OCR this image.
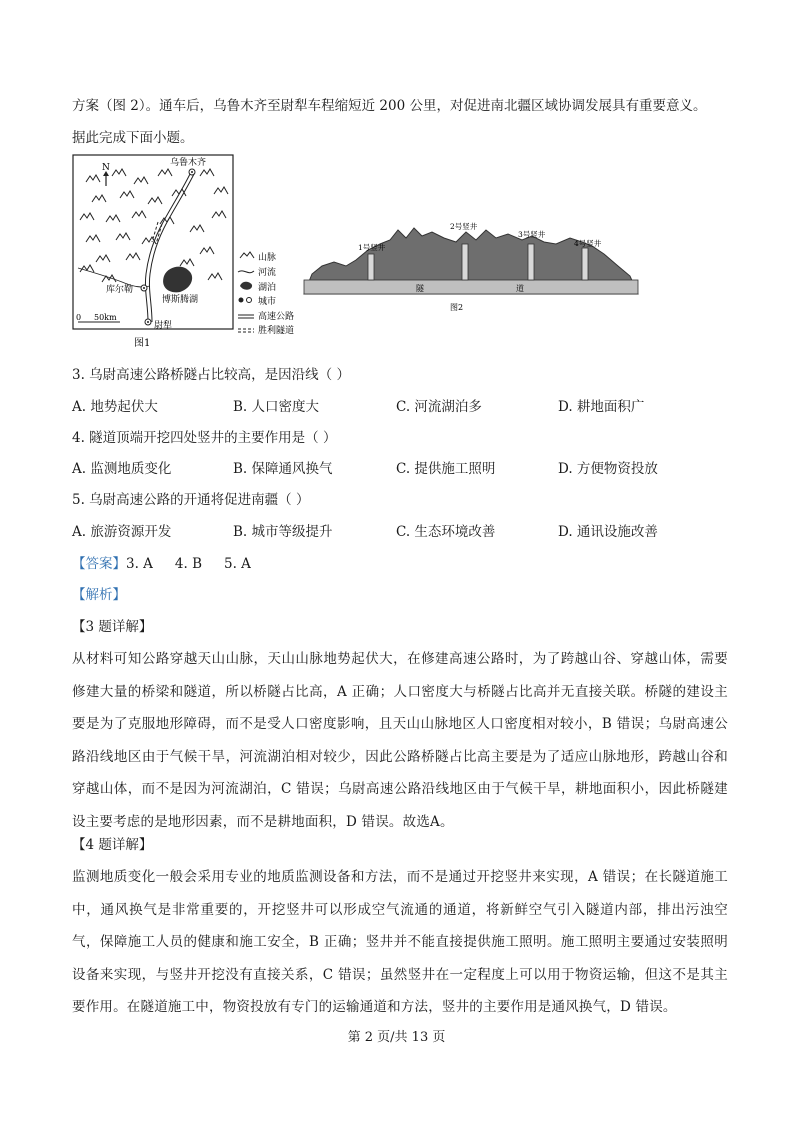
方案（图 2）。通车后，乌鲁木齐至尉犁车程缩短近 200 公里，对促进南北疆区域协调发展具有重要意义。
据此完成下面小题。
N	乌鲁木齐
库尔勒
博斯腾湖
尉犁
0 50km
图1
山脉
河流
湖泊
城市
高速公路
胜利隧道
1号竖井
2号竖井
3号竖井
4号竖井
隧	道
图2
3. 乌尉高速公路桥隧占比较高，是因沿线（ ）
A. 地势起伏大	B. 人口密度大	C. 河流湖泊多	D. 耕地面积广
4. 隧道顶端开挖四处竖井的主要作用是（ ）
A. 监测地质变化	B. 保障通风换气	C. 提供施工照明	D. 方便物资投放
5. 乌尉高速公路的开通将促进南疆（ ）
A. 旅游资源开发	B. 城市等级提升	C. 生态环境改善	D. 通讯设施改善
【答案】3. A 4. B 5. A
【解析】
【3 题详解】
从材料可知公路穿越天山山脉，天山山脉地势起伏大，在修建高速公路时，为了跨越山谷、穿越山体，需要修建大量的桥梁和隧道，所以桥隧占比高，A 正确；人口密度大与桥隧占比高并无直接关联。桥隧的建设主要是为了克服地形障碍，而不是受人口密度影响，且天山山脉地区人口密度相对较小，B 错误；乌尉高速公路沿线地区由于气候干旱，河流湖泊相对较少，因此公路桥隧占比高主要是为了适应山脉地形，跨越山谷和穿越山体，而不是因为河流湖泊，C 错误；乌尉高速公路沿线地区由于气候干旱，耕地面积小，因此桥隧建设主要考虑的是地形因素，而不是耕地面积，D 错误。故选A。
【4 题详解】
监测地质变化一般会采用专业的地质监测设备和方法，而不是通过开挖竖井来实现，A 错误；在长隧道施工中，通风换气是非常重要的，开挖竖井可以形成空气流通的通道，将新鲜空气引入隧道内部，排出污浊空气，保障施工人员的健康和施工安全，B 正确；竖井并不能直接提供施工照明。施工照明主要通过安装照明设备来实现，与竖井开挖没有直接关系，C 错误；虽然竖井在一定程度上可以用于物资运输，但这不是其主要作用。在隧道施工中，物资投放有专门的运输通道和方法，竖井的主要作用是通风换气，D 错误。
第 2 页/共 13 页
